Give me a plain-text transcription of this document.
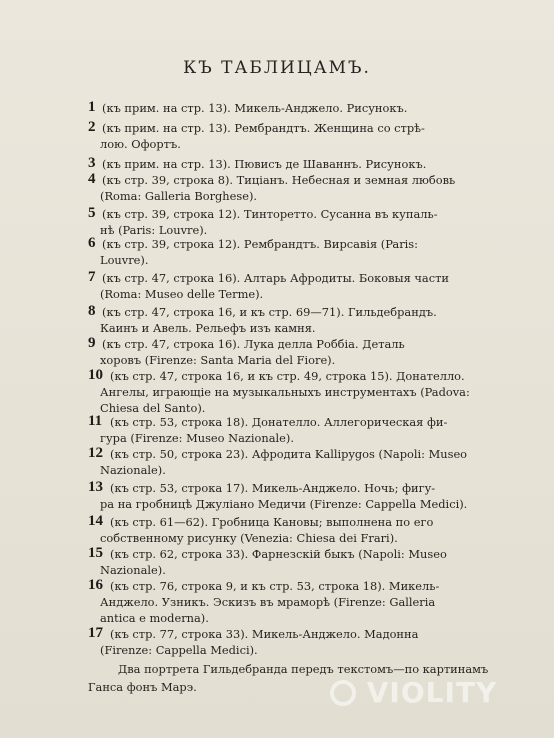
КЪ ТАБЛИЦАМЪ.
1 (къ прим. на стр. 13). Микель-Анджело. Рисунокъ.
2 (къ прим. на стр. 13). Рембрандтъ. Женщина со стрѣ-
лою. Офортъ.
3 (къ прим. на стр. 13). Пювисъ де Шаваннъ. Рисунокъ.
4 (къ стр. 39, строка 8). Тиціанъ. Небесная и земная любовь
(Roma: Galleria Borghese).
5 (къ стр. 39, строка 12). Тинторетто. Сусанна въ купаль-
нѣ (Paris: Louvre).
6 (къ стр. 39, строка 12). Рембрандтъ. Вирсавія (Paris:
Louvre).
7 (къ стр. 47, строка 16). Алтарь Афродиты. Боковыя части
(Roma: Museo delle Terme).
8 (къ стр. 47, строка 16, и къ стр. 69—71). Гильдебрандъ.
Каинъ и Авель. Рельефъ изъ камня.
9 (къ стр. 47, строка 16). Лука делла Роббіа. Деталь
хоровъ (Firenze: Santa Maria del Fiore).
10 (къ стр. 47, строка 16, и къ стр. 49, строка 15). Донателло.
Ангелы, играющіе на музыкальныхъ инструментахъ (Padova:
Chiesa del Santo).
11 (къ стр. 53, строка 18). Донателло. Аллегорическая фи-
гура (Firenze: Museo Nazionale).
12 (къ стр. 50, строка 23). Афродита Kallipygos (Napoli: Museo
Nazionale).
13 (къ стр. 53, строка 17). Микель-Анджело. Ночь; фигу-
ра на гробницѣ Джуліано Медичи (Firenze: Cappella Medici).
14 (къ стр. 61—62). Гробница Кановы; выполнена по его
собственному рисунку (Venezia: Chiesa dei Frari).
15 (къ стр. 62, строка 33). Фарнезскій быкъ (Napoli: Museo
Nazionale).
16 (къ стр. 76, строка 9, и къ стр. 53, строка 18). Микель-
Анджело. Узникъ. Эскизъ въ мраморѣ (Firenze: Galleria
antica e moderna).
17 (къ стр. 77, строка 33). Микель-Анджело. Мадонна
(Firenze: Cappella Medici).
Два портрета Гильдебранда передъ текстомъ—по картинамъ
Ганса фонъ Марэ.	VIOLITY
